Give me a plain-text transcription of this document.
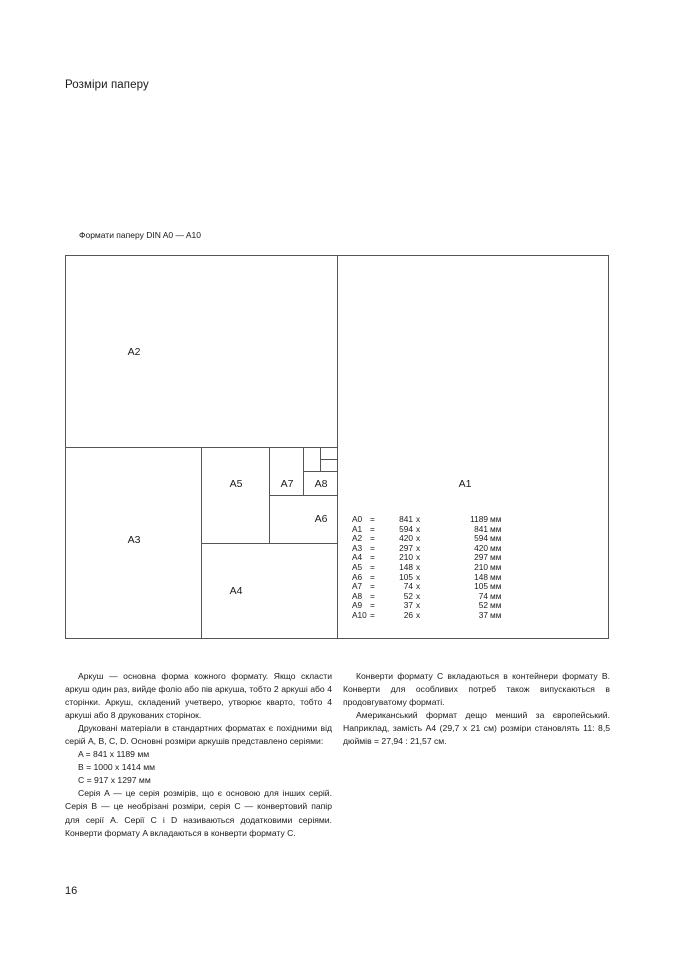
Розміри паперу
Формати паперу DIN A0 — A10
A2
A3
A4
A5
A6
A7 A8	A1
A0 =	841 x	1189 мм
A1 =	594 x	841 мм
A2 =	420 x	594 мм
A3 =	297 x	420 мм
A4 =	210 x	297 мм
A5 =	148 x	210 мм
A6 =	105 x	148 мм
A7 =	74 x	105 мм
A8 =	52 x	74 мм
A9 =	37 x	52 мм
A10 =	26 x	37 мм

Аркуш — основна форма кожного формату. Якщо скласти аркуш один раз, вийде фоліо або пів аркуша, тобто 2 аркуші або 4 сторінки. Аркуш, складений учетверо, утворює кварто, тобто 4 аркуші або 8 друкованих сторінок.

Друковані матеріали в стандартних форматах є похідними від серій A, B, C, D. Основні розміри аркушів представлено серіями:

A = 841 x 1189 мм

B = 1000 x 1414 мм

C = 917 x 1297 мм

Серія A — це серія розмірів, що є основою для інших серій. Серія B — це необрізані розміри, серія C — конвертовий папір для серії A. Серії C і D називаються додатковими серіями. Конверти формату A вкладаються в конверти формату C.

Конверти формату C вкладаються в контейнери формату B. Конверти для особливих потреб також випускаються в продовгуватому форматі.

Американський формат дещо менший за європейський. Наприклад, замість A4 (29,7 x 21 см) розміри становлять 11: 8,5 дюймів = 27,94 : 21,57 см.

16
